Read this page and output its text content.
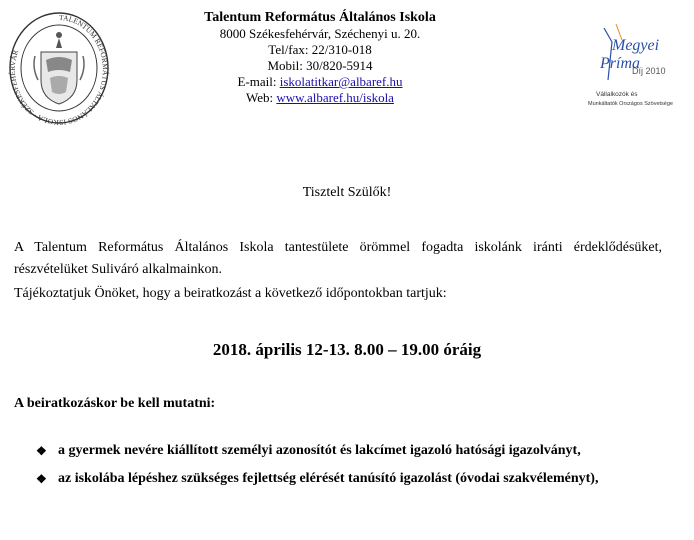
TALENTUM REFORMÁTUS ÁLTALÁNOS ISKOLA · SZÉKESFEHÉRVÁR
Talentum Református Általános Iskola
8000 Székesfehérvár, Széchenyi u. 20.
Tel/fax: 22/310-018
Mobil: 30/820-5914
E-mail: iskolatitkar@albaref.hu
Web: www.albaref.hu/iskola
Megyei
Príma
Díj 2010
Vállalkozók és
Munkáltatók Országos Szövetsége
Tisztelt Szülők!
A Talentum Református Általános Iskola tantestülete örömmel fogadta iskolánk iránti érdeklődésüket, részvételüket Suliváró alkalmainkon.
Tájékoztatjuk Önöket, hogy a beiratkozást a következő időpontokban tartjuk:
2018. április 12-13. 8.00 – 19.00 óráig
A beiratkozáskor be kell mutatni:
❖ a gyermek nevére kiállított személyi azonosítót és lakcímet igazoló hatósági igazolványt,
❖ az iskolába lépéshez szükséges fejlettség elérését tanúsító igazolást (óvodai szakvéleményt),
